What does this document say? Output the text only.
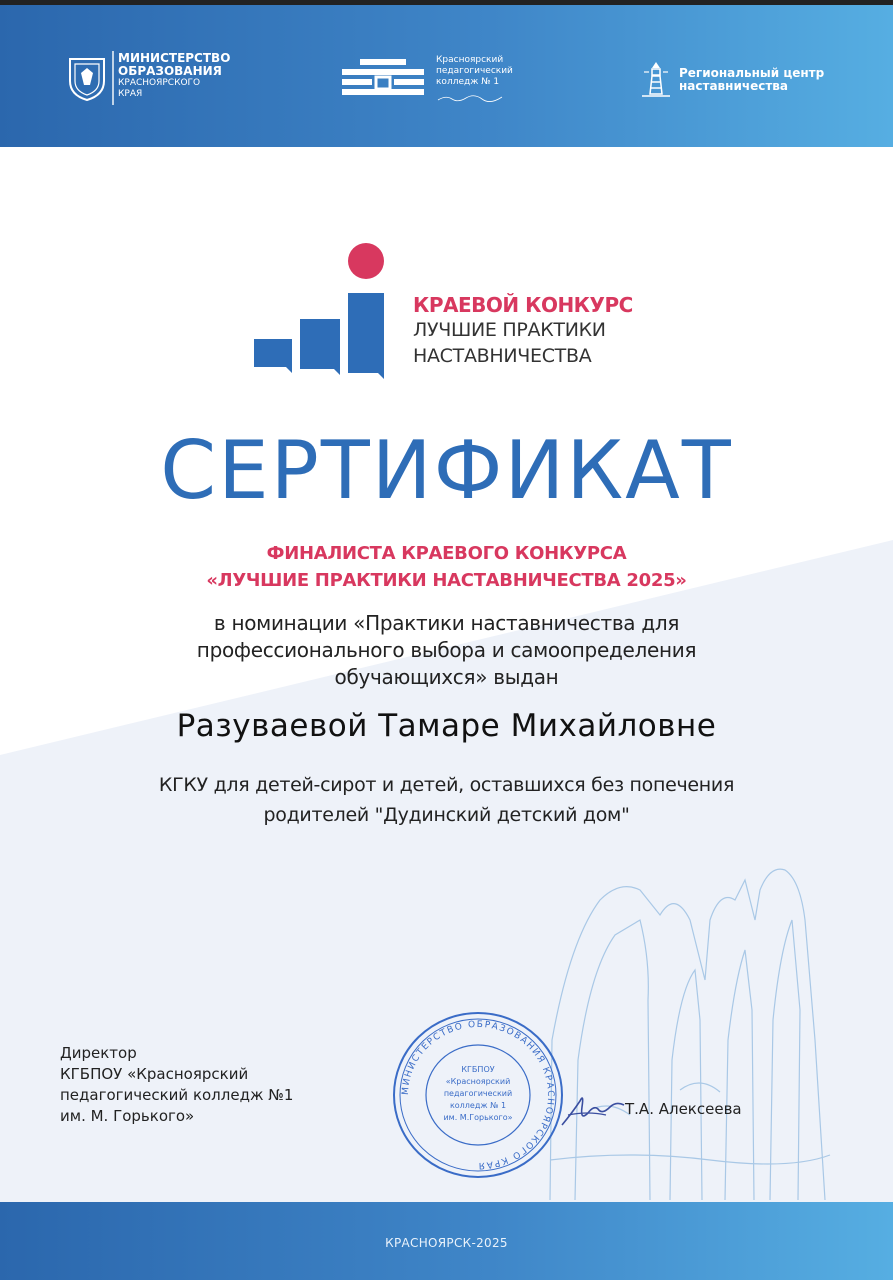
МИНИСТЕРСТВО
ОБРАЗОВАНИЯ
КРАСНОЯРСКОГО
КРАЯ
Красноярский
педагогический
колледж № 1
Региональный центр
наставничества
КРАЕВОЙ КОНКУРС
ЛУЧШИЕ ПРАКТИКИ
НАСТАВНИЧЕСТВА
СЕРТИФИКАТ
ФИНАЛИСТА КРАЕВОГО КОНКУРСА
«ЛУЧШИЕ ПРАКТИКИ НАСТАВНИЧЕСТВА 2025»
в номинации «Практики наставничества для
профессионального выбора и самоопределения
обучающихся» выдан
Разуваевой Тамаре Михайловне
КГКУ для детей-сирот и детей, оставшихся без попечения
родителей "Дудинский детский дом"
Директор
КГБПОУ «Красноярский
педагогический колледж №1
им. М. Горького»
МИНИСТЕРСТВО ОБРАЗОВАНИЯ КРАСНОЯРСКОГО КРАЯ
КГБПОУ
«Красноярский
педагогический
колледж № 1
им. М.Горького»	Т.А. Алексеева
КРАСНОЯРСК-2025
